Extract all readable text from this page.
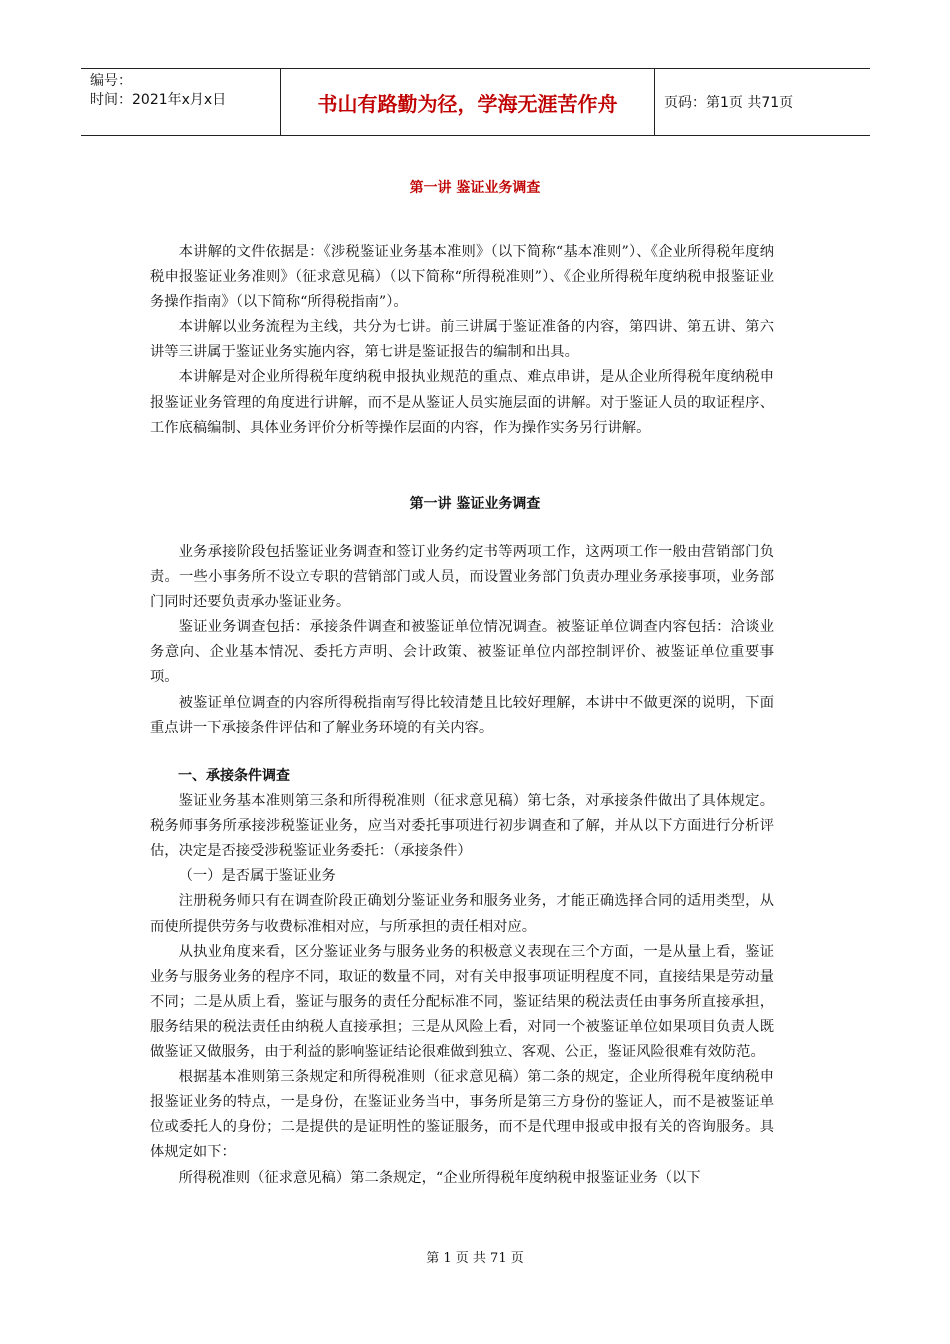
编号：
时间：2021年x月x日	书山有路勤为径，学海无涯苦作舟	页码：第1页 共71页
第一讲 鉴证业务调查

本讲解的文件依据是：《涉税鉴证业务基本准则》（以下简称“基本准则”）、《企业所得税年度纳税申报鉴证业务准则》（征求意见稿）（以下简称“所得税准则”）、《企业所得税年度纳税申报鉴证业务操作指南》（以下简称“所得税指南”）。

本讲解以业务流程为主线，共分为七讲。前三讲属于鉴证准备的内容，第四讲、第五讲、第六讲等三讲属于鉴证业务实施内容，第七讲是鉴证报告的编制和出具。

本讲解是对企业所得税年度纳税申报执业规范的重点、难点串讲，是从企业所得税年度纳税申报鉴证业务管理的角度进行讲解，而不是从鉴证人员实施层面的讲解。对于鉴证人员的取证程序、工作底稿编制、具体业务评价分析等操作层面的内容，作为操作实务另行讲解。

第一讲 鉴证业务调查

业务承接阶段包括鉴证业务调查和签订业务约定书等两项工作，这两项工作一般由营销部门负责。一些小事务所不设立专职的营销部门或人员，而设置业务部门负责办理业务承接事项，业务部门同时还要负责承办鉴证业务。

鉴证业务调查包括：承接条件调查和被鉴证单位情况调查。被鉴证单位调查内容包括：洽谈业务意向、企业基本情况、委托方声明、会计政策、被鉴证单位内部控制评价、被鉴证单位重要事项。

被鉴证单位调查的内容所得税指南写得比较清楚且比较好理解，本讲中不做更深的说明，下面重点讲一下承接条件评估和了解业务环境的有关内容。

一、承接条件调查

鉴证业务基本准则第三条和所得税准则（征求意见稿）第七条，对承接条件做出了具体规定。税务师事务所承接涉税鉴证业务，应当对委托事项进行初步调查和了解，并从以下方面进行分析评估，决定是否接受涉税鉴证业务委托：（承接条件）

（一）是否属于鉴证业务

注册税务师只有在调查阶段正确划分鉴证业务和服务业务，才能正确选择合同的适用类型，从而使所提供劳务与收费标准相对应，与所承担的责任相对应。

从执业角度来看，区分鉴证业务与服务业务的积极意义表现在三个方面，一是从量上看，鉴证业务与服务业务的程序不同，取证的数量不同，对有关申报事项证明程度不同，直接结果是劳动量不同；二是从质上看，鉴证与服务的责任分配标准不同，鉴证结果的税法责任由事务所直接承担，服务结果的税法责任由纳税人直接承担；三是从风险上看，对同一个被鉴证单位如果项目负责人既做鉴证又做服务，由于利益的影响鉴证结论很难做到独立、客观、公正，鉴证风险很难有效防范。

根据基本准则第三条规定和所得税准则（征求意见稿）第二条的规定，企业所得税年度纳税申报鉴证业务的特点，一是身份，在鉴证业务当中，事务所是第三方身份的鉴证人，而不是被鉴证单位或委托人的身份；二是提供的是证明性的鉴证服务，而不是代理申报或申报有关的咨询服务。具体规定如下：

所得税准则（征求意见稿）第二条规定，“企业所得税年度纳税申报鉴证业务（以下

第 1 页 共 71 页
